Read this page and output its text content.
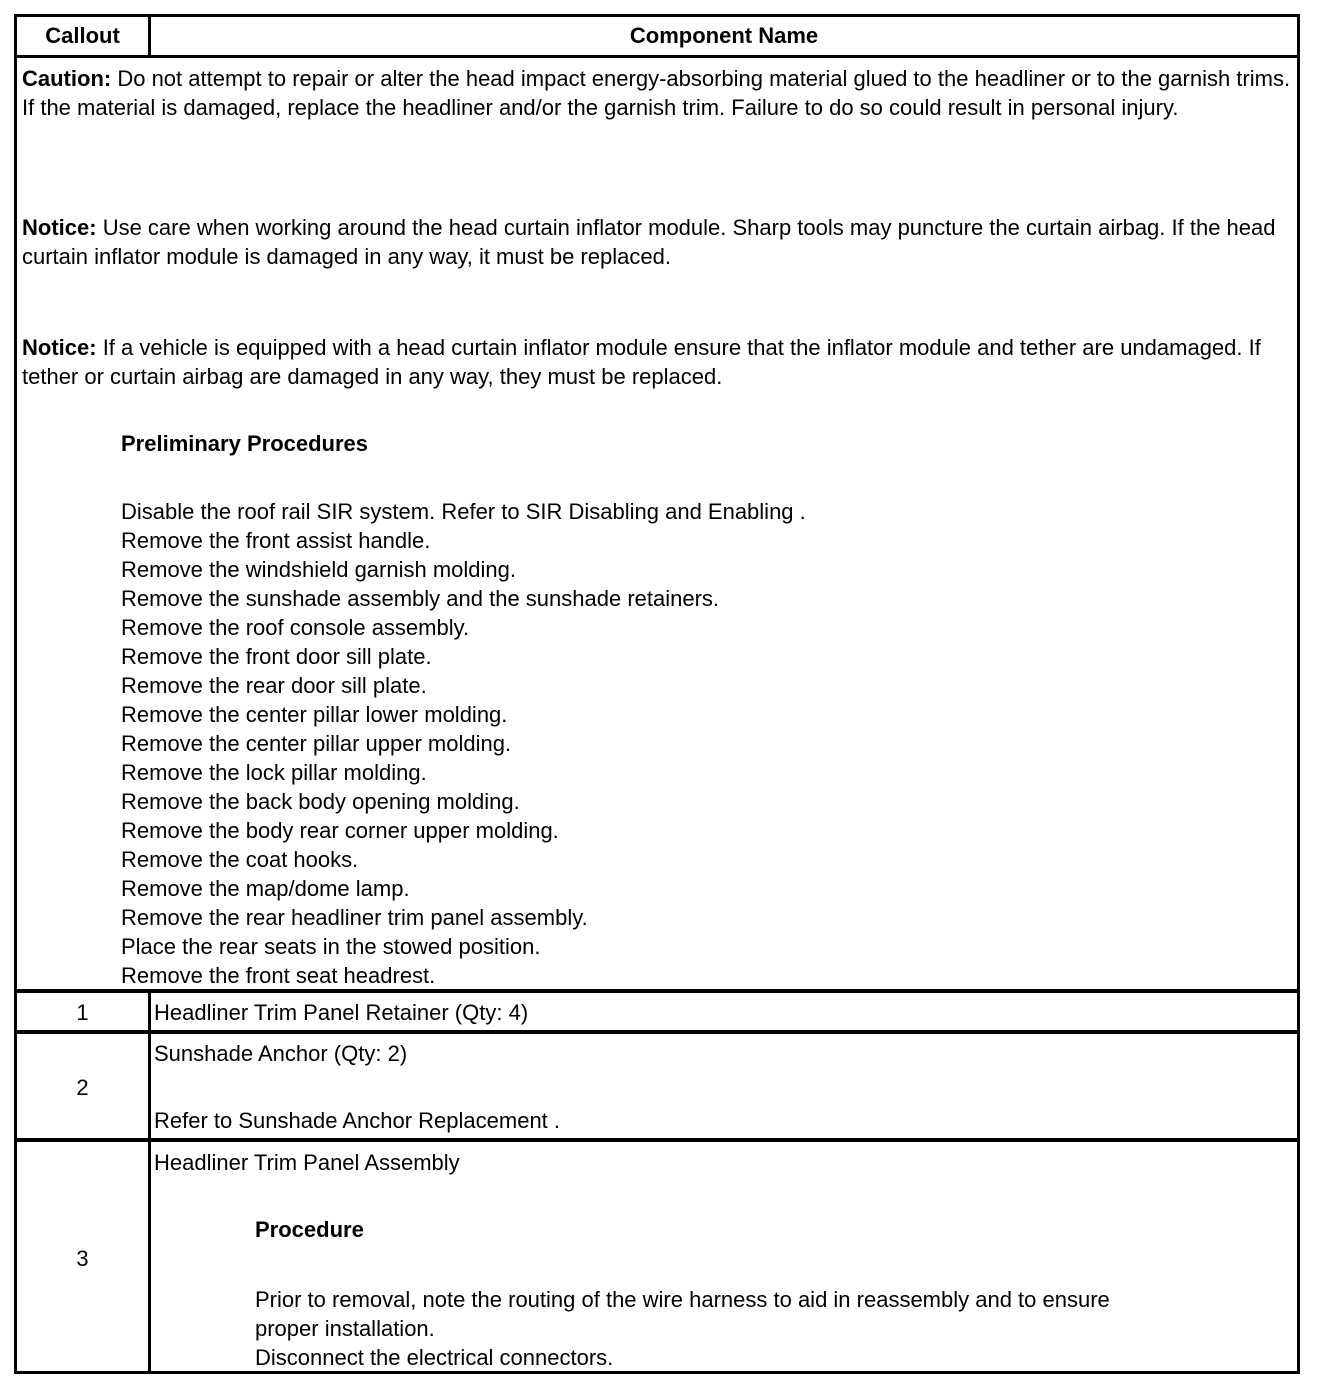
Callout	Component Name
Caution: Do not attempt to repair or alter the head impact energy-absorbing material glued to the headliner or to the garnish trims. If the material is damaged, replace the headliner and/or the garnish trim. Failure to do so could result in personal injury.
Notice: Use care when working around the head curtain inflator module. Sharp tools may puncture the curtain airbag. If the head curtain inflator module is damaged in any way, it must be replaced.
Notice: If a vehicle is equipped with a head curtain inflator module ensure that the inflator module and tether are undamaged. If tether or curtain airbag are damaged in any way, they must be replaced.
Preliminary Procedures
Disable the roof rail SIR system. Refer to SIR Disabling and Enabling .
Remove the front assist handle.
Remove the windshield garnish molding.
Remove the sunshade assembly and the sunshade retainers.
Remove the roof console assembly.
Remove the front door sill plate.
Remove the rear door sill plate.
Remove the center pillar lower molding.
Remove the center pillar upper molding.
Remove the lock pillar molding.
Remove the back body opening molding.
Remove the body rear corner upper molding.
Remove the coat hooks.
Remove the map/dome lamp.
Remove the rear headliner trim panel assembly.
Place the rear seats in the stowed position.
Remove the front seat headrest.
1	Headliner Trim Panel Retainer (Qty: 4)
2
Sunshade Anchor (Qty: 2)
Refer to Sunshade Anchor Replacement .
3
Headliner Trim Panel Assembly
Procedure
Prior to removal, note the routing of the wire harness to aid in reassembly and to ensure
proper installation.
Disconnect the electrical connectors.
